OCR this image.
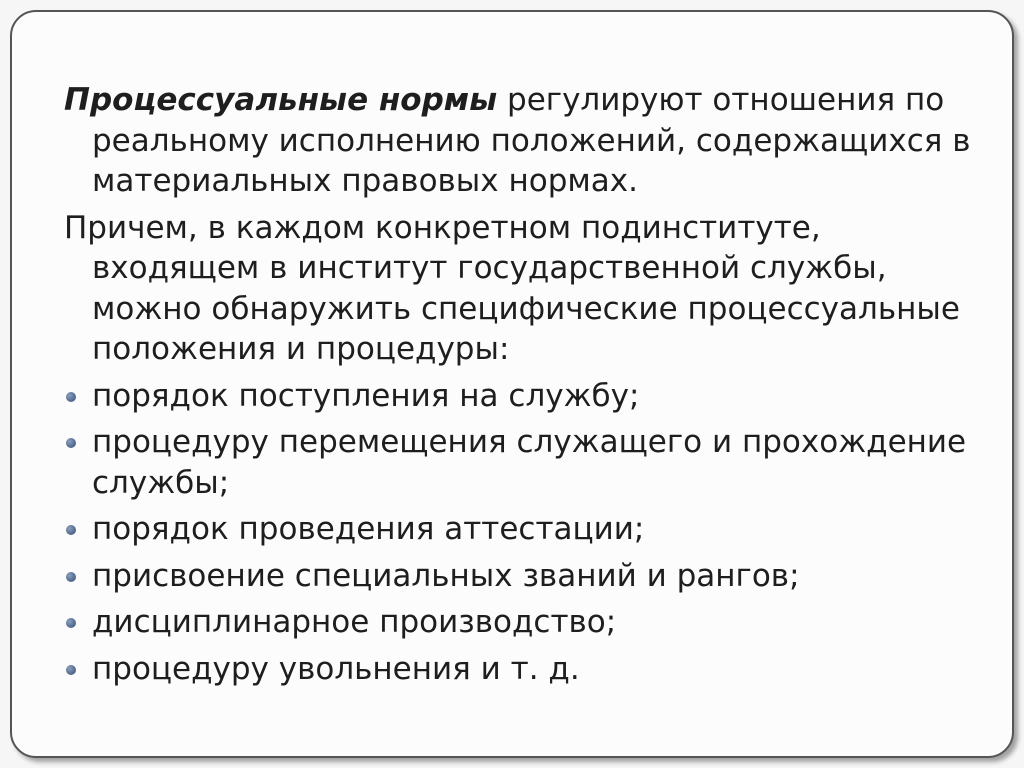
Процессуальные нормы регулируют отношения по реальному исполнению положений, содержащихся в материальных правовых нормах.

Причем, в каждом конкретном подинституте, входящем в институт государственной службы, можно обнаружить специфические процессуальные положения и процедуры:

порядок поступления на службу;
процедуру перемещения служащего и прохождение службы;
порядок проведения аттестации;
присвоение специальных званий и рангов;
дисциплинарное производство;
процедуру увольнения и т. д.
